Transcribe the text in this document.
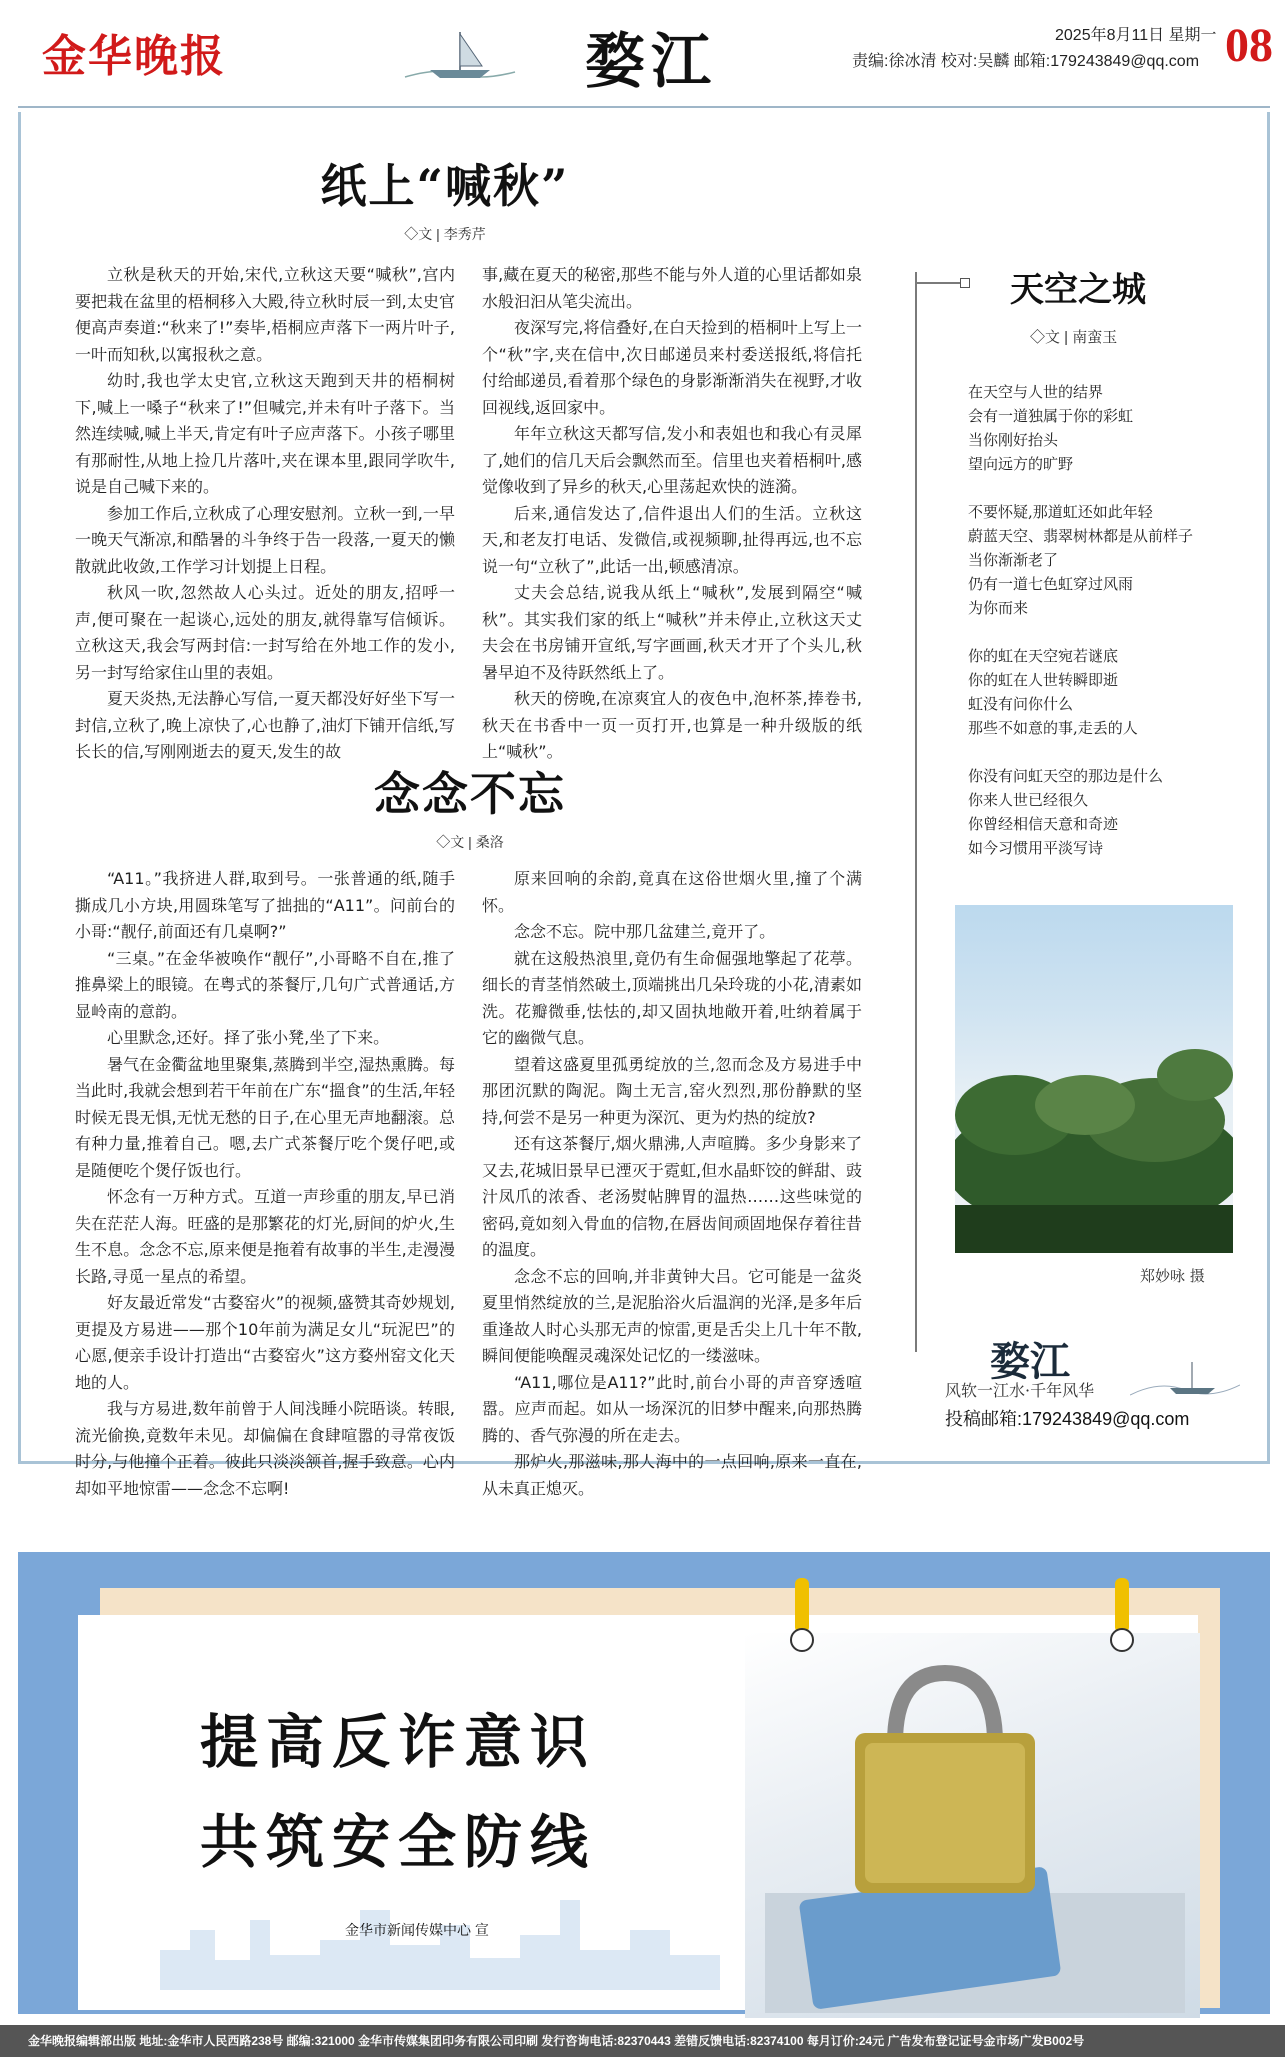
金华晚报	婺江	2025年8月11日 星期一
责编:徐冰清 校对:吴麟 邮箱:179243849@qq.com 08
纸上“喊秋”
◇文 | 李秀芹

立秋是秋天的开始,宋代,立秋这天要“喊秋”,宫内要把栽在盆里的梧桐移入大殿,待立秋时辰一到,太史官便高声奏道:“秋来了!”奏毕,梧桐应声落下一两片叶子,一叶而知秋,以寓报秋之意。

幼时,我也学太史官,立秋这天跑到天井的梧桐树下,喊上一嗓子“秋来了!”但喊完,并未有叶子落下。当然连续喊,喊上半天,肯定有叶子应声落下。小孩子哪里有那耐性,从地上捡几片落叶,夹在课本里,跟同学吹牛,说是自己喊下来的。

参加工作后,立秋成了心理安慰剂。立秋一到,一早一晚天气渐凉,和酷暑的斗争终于告一段落,一夏天的懒散就此收敛,工作学习计划提上日程。

秋风一吹,忽然故人心头过。近处的朋友,招呼一声,便可聚在一起谈心,远处的朋友,就得靠写信倾诉。立秋这天,我会写两封信:一封写给在外地工作的发小,另一封写给家住山里的表姐。

夏天炎热,无法静心写信,一夏天都没好好坐下写一封信,立秋了,晚上凉快了,心也静了,油灯下铺开信纸,写长长的信,写刚刚逝去的夏天,发生的故

事,藏在夏天的秘密,那些不能与外人道的心里话都如泉水般汩汩从笔尖流出。

夜深写完,将信叠好,在白天捡到的梧桐叶上写上一个“秋”字,夹在信中,次日邮递员来村委送报纸,将信托付给邮递员,看着那个绿色的身影渐渐消失在视野,才收回视线,返回家中。

年年立秋这天都写信,发小和表姐也和我心有灵犀了,她们的信几天后会飘然而至。信里也夹着梧桐叶,感觉像收到了异乡的秋天,心里荡起欢快的涟漪。

后来,通信发达了,信件退出人们的生活。立秋这天,和老友打电话、发微信,或视频聊,扯得再远,也不忘说一句“立秋了”,此话一出,顿感清凉。

丈夫会总结,说我从纸上“喊秋”,发展到隔空“喊秋”。其实我们家的纸上“喊秋”并未停止,立秋这天丈夫会在书房铺开宣纸,写字画画,秋天才开了个头儿,秋暑早迫不及待跃然纸上了。

秋天的傍晚,在凉爽宜人的夜色中,泡杯茶,捧卷书,秋天在书香中一页一页打开,也算是一种升级版的纸上“喊秋”。

念念不忘
◇文 | 桑洛

“A11。”我挤进人群,取到号。一张普通的纸,随手撕成几小方块,用圆珠笔写了拙拙的“A11”。问前台的小哥:“靓仔,前面还有几桌啊?”

“三桌。”在金华被唤作“靓仔”,小哥略不自在,推了推鼻梁上的眼镜。在粤式的茶餐厅,几句广式普通话,方显岭南的意韵。

心里默念,还好。择了张小凳,坐了下来。

暑气在金衢盆地里聚集,蒸腾到半空,湿热熏腾。每当此时,我就会想到若干年前在广东“搵食”的生活,年轻时候无畏无惧,无忧无愁的日子,在心里无声地翻滚。总有种力量,推着自己。嗯,去广式茶餐厅吃个煲仔吧,或是随便吃个煲仔饭也行。

怀念有一万种方式。互道一声珍重的朋友,早已消失在茫茫人海。旺盛的是那繁花的灯光,厨间的炉火,生生不息。念念不忘,原来便是拖着有故事的半生,走漫漫长路,寻觅一星点的希望。

好友最近常发“古婺窑火”的视频,盛赞其奇妙规划,更提及方易进——那个10年前为满足女儿“玩泥巴”的心愿,便亲手设计打造出“古婺窑火”这方婺州窑文化天地的人。

我与方易进,数年前曾于人间浅睡小院晤谈。转眼,流光偷换,竟数年未见。却偏偏在食肆喧嚣的寻常夜饭时分,与他撞个正着。彼此只淡淡颔首,握手致意。心内却如平地惊雷——念念不忘啊!

原来回响的余韵,竟真在这俗世烟火里,撞了个满怀。

念念不忘。院中那几盆建兰,竟开了。

就在这般热浪里,竟仍有生命倔强地擎起了花葶。细长的青茎悄然破土,顶端挑出几朵玲珑的小花,清素如洗。花瓣微垂,怯怯的,却又固执地敞开着,吐纳着属于它的幽微气息。

望着这盛夏里孤勇绽放的兰,忽而念及方易进手中那团沉默的陶泥。陶土无言,窑火烈烈,那份静默的坚持,何尝不是另一种更为深沉、更为灼热的绽放?

还有这茶餐厅,烟火鼎沸,人声喧腾。多少身影来了又去,花城旧景早已湮灭于霓虹,但水晶虾饺的鲜甜、豉汁凤爪的浓香、老汤熨帖脾胃的温热……这些味觉的密码,竟如刻入骨血的信物,在唇齿间顽固地保存着往昔的温度。

念念不忘的回响,并非黄钟大吕。它可能是一盆炎夏里悄然绽放的兰,是泥胎浴火后温润的光泽,是多年后重逢故人时心头那无声的惊雷,更是舌尖上几十年不散,瞬间便能唤醒灵魂深处记忆的一缕滋味。

“A11,哪位是A11?”此时,前台小哥的声音穿透喧嚣。应声而起。如从一场深沉的旧梦中醒来,向那热腾腾的、香气弥漫的所在走去。

那炉火,那滋味,那人海中的一点回响,原来一直在,从未真正熄灭。

天空之城
◇文 | 南蛮玉
在天空与人世的结界
会有一道独属于你的彩虹
当你刚好抬头
望向远方的旷野
不要怀疑,那道虹还如此年轻
蔚蓝天空、翡翠树林都是从前样子
当你渐渐老了
仍有一道七色虹穿过风雨
为你而来
你的虹在天空宛若谜底
你的虹在人世转瞬即逝
虹没有问你什么
那些不如意的事,走丢的人
你没有问虹天空的那边是什么
你来人世已经很久
你曾经相信天意和奇迹
如今习惯用平淡写诗
郑妙咏 摄
婺江
风软一江水·千年风华
投稿邮箱:179243849@qq.com
提高反诈意识
共筑安全防线
金华市新闻传媒中心 宣
金华晚报编辑部出版 地址:金华市人民西路238号 邮编:321000 金华市传媒集团印务有限公司印刷 发行咨询电话:82370443 差错反馈电话:82374100 每月订价:24元 广告发布登记证号金市场广发B002号
